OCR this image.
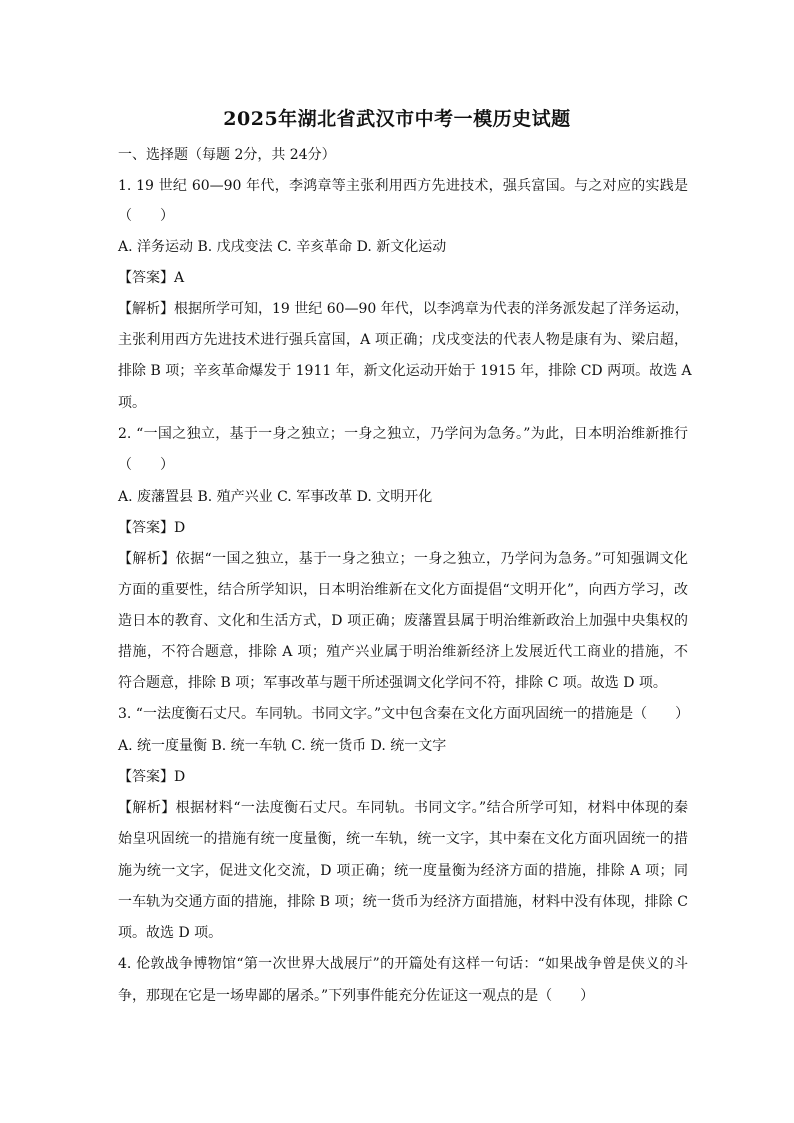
2025年湖北省武汉市中考一模历史试题
一、选择题（每题 2分，共 24分）
1. 19 世纪 60—90 年代，李鸿章等主张利用西方先进技术，强兵富国。与之对应的实践是
（　　）
A. 洋务运动 B. 戊戌变法 C. 辛亥革命 D. 新文化运动
【答案】A
【解析】根据所学可知，19 世纪 60—90 年代，以李鸿章为代表的洋务派发起了洋务运动，
主张利用西方先进技术进行强兵富国，A 项正确；戊戌变法的代表人物是康有为、梁启超，
排除 B 项；辛亥革命爆发于 1911 年，新文化运动开始于 1915 年，排除 CD 两项。故选 A
项。
2. “一国之独立，基于一身之独立；一身之独立，乃学问为急务。”为此，日本明治维新推行
（　　）
A. 废藩置县 B. 殖产兴业 C. 军事改革 D. 文明开化
【答案】D
【解析】依据“一国之独立，基于一身之独立；一身之独立，乃学问为急务。”可知强调文化
方面的重要性，结合所学知识，日本明治维新在文化方面提倡“文明开化”，向西方学习，改
造日本的教育、文化和生活方式，D 项正确；废藩置县属于明治维新政治上加强中央集权的
措施，不符合题意，排除 A 项；殖产兴业属于明治维新经济上发展近代工商业的措施，不
符合题意，排除 B 项；军事改革与题干所述强调文化学问不符，排除 C 项。故选 D 项。
3. “一法度衡石丈尺。车同轨。书同文字。”文中包含秦在文化方面巩固统一的措施是（　　）
A. 统一度量衡 B. 统一车轨 C. 统一货币 D. 统一文字
【答案】D
【解析】根据材料“一法度衡石丈尺。车同轨。书同文字。”结合所学可知，材料中体现的秦
始皇巩固统一的措施有统一度量衡，统一车轨，统一文字，其中秦在文化方面巩固统一的措
施为统一文字，促进文化交流，D 项正确；统一度量衡为经济方面的措施，排除 A 项；同
一车轨为交通方面的措施，排除 B 项；统一货币为经济方面措施，材料中没有体现，排除 C
项。故选 D 项。
4. 伦敦战争博物馆“第一次世界大战展厅”的开篇处有这样一句话：“如果战争曾是侠义的斗
争，那现在它是一场卑鄙的屠杀。”下列事件能充分佐证这一观点的是（　　）
